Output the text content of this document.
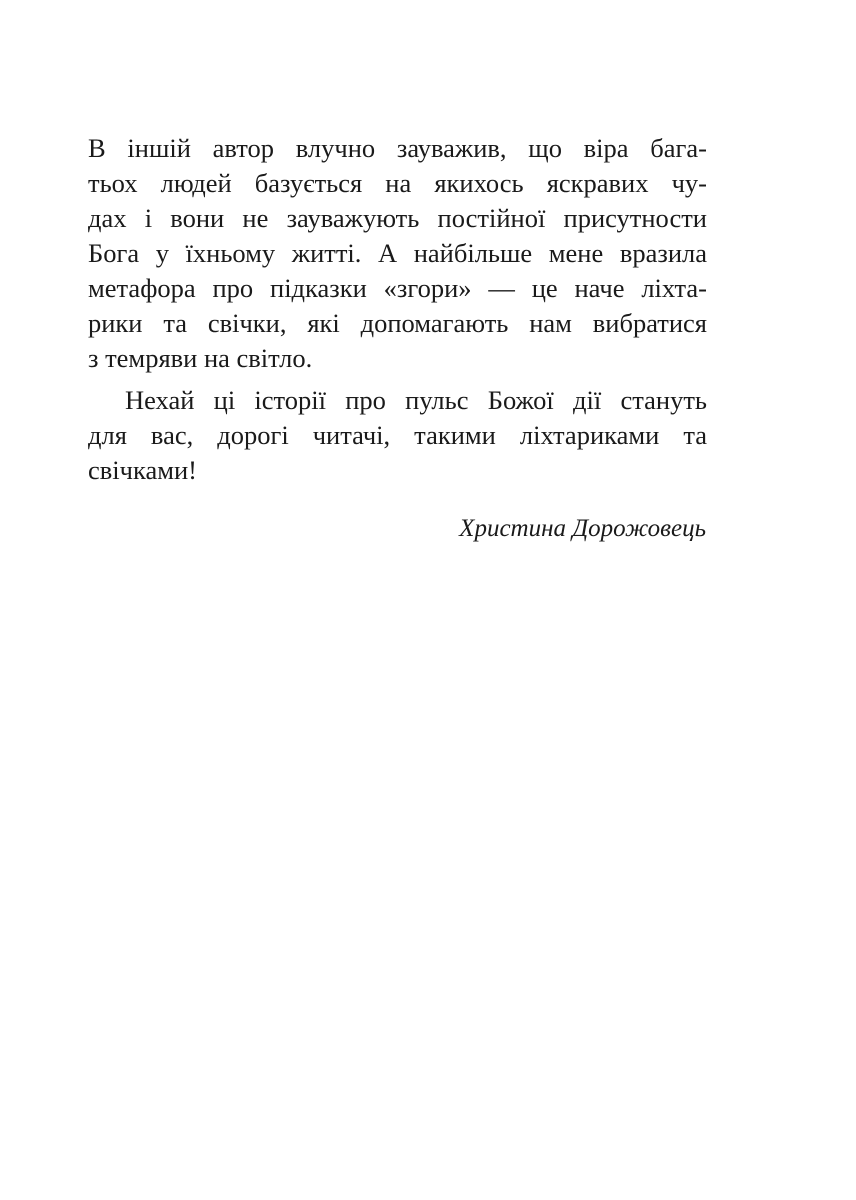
В іншій автор влучно зауважив, що віра бага-
тьох людей базується на якихось яскравих чу-
дах і вони не зауважують постійної присутности
Бога у їхньому житті. А найбільше мене вразила
метафора про підказки «згори» — це наче ліхта-
рики та свічки, які допомагають нам вибратися
з темряви на світло.
Нехай ці історії про пульс Божої дії стануть
для вас, дорогі читачі, такими ліхтариками та
свічками!
Христина Дорожовець
